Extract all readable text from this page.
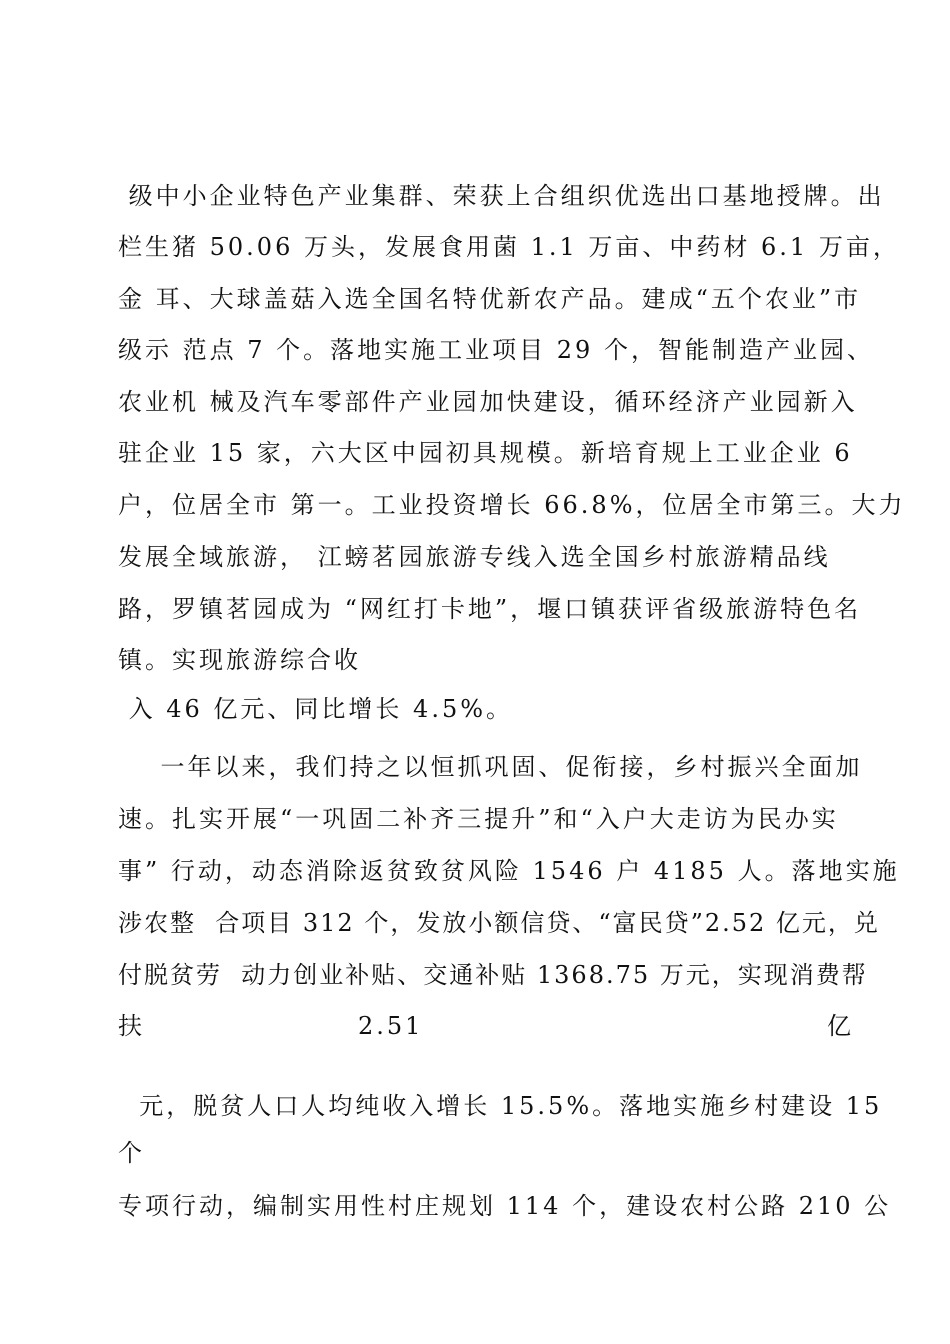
级中小企业特色产业集群、荣获上合组织优选出口基地授牌。出
栏生猪 50.06 万头，发展食用菌 1.1 万亩、中药材 6.1 万亩，
金 耳、大球盖菇入选全国名特优新农产品。建成“五个农业”市
级示 范点 7 个。落地实施工业项目 29 个，智能制造产业园、
农业机 械及汽车零部件产业园加快建设，循环经济产业园新入
驻企业 15 家，六大区中园初具规模。新培育规上工业企业 6
户，位居全市 第一。工业投资增长 66.8%，位居全市第三。大力
发展全域旅游， 江螃茗园旅游专线入选全国乡村旅游精品线
路，罗镇茗园成为 “网红打卡地”，堰口镇获评省级旅游特色名
镇。实现旅游综合收
入 46 亿元、同比增长 4.5%。
一年以来，我们持之以恒抓巩固、促衔接，乡村振兴全面加
速。扎实开展“一巩固二补齐三提升”和“入户大走访为民办实
事” 行动，动态消除返贫致贫风险 1546 户 4185 人。落地实施
涉农整  合项目 312 个，发放小额信贷、“富民贷”2.52 亿元，兑
付脱贫劳  动力创业补贴、交通补贴 1368.75 万元，实现消费帮
扶	2.51	亿
元，脱贫人口人均纯收入增长 15.5%。落地实施乡村建设 15
个
专项行动，编制实用性村庄规划 114 个，建设农村公路 210 公
